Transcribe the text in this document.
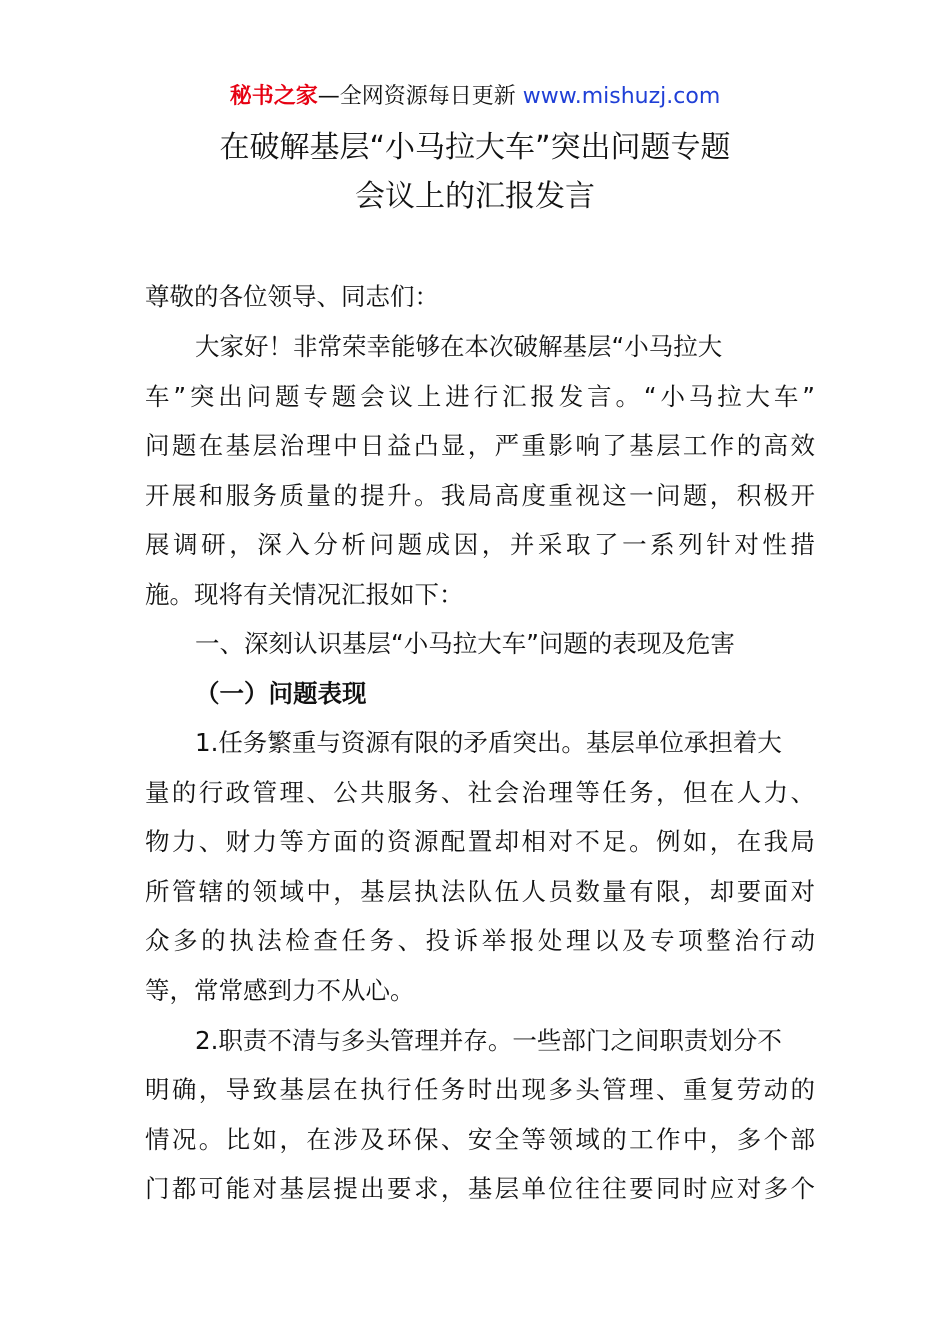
秘书之家—全网资源每日更新 www.mishuzj.com
在破解基层“小马拉大车”突出问题专题
会议上的汇报发言
尊敬的各位领导、同志们：
大家好！非常荣幸能够在本次破解基层“小马拉大
车”突出问题专题会议上进行汇报发言。“小马拉大车”
问题在基层治理中日益凸显，严重影响了基层工作的高效
开展和服务质量的提升。我局高度重视这一问题，积极开
展调研，深入分析问题成因，并采取了一系列针对性措
施。现将有关情况汇报如下：
一、深刻认识基层“小马拉大车”问题的表现及危害
（一）问题表现
1.任务繁重与资源有限的矛盾突出。基层单位承担着大
量的行政管理、公共服务、社会治理等任务，但在人力、
物力、财力等方面的资源配置却相对不足。例如，在我局
所管辖的领域中，基层执法队伍人员数量有限，却要面对
众多的执法检查任务、投诉举报处理以及专项整治行动
等，常常感到力不从心。
2.职责不清与多头管理并存。一些部门之间职责划分不
明确，导致基层在执行任务时出现多头管理、重复劳动的
情况。比如，在涉及环保、安全等领域的工作中，多个部
门都可能对基层提出要求，基层单位往往要同时应对多个
